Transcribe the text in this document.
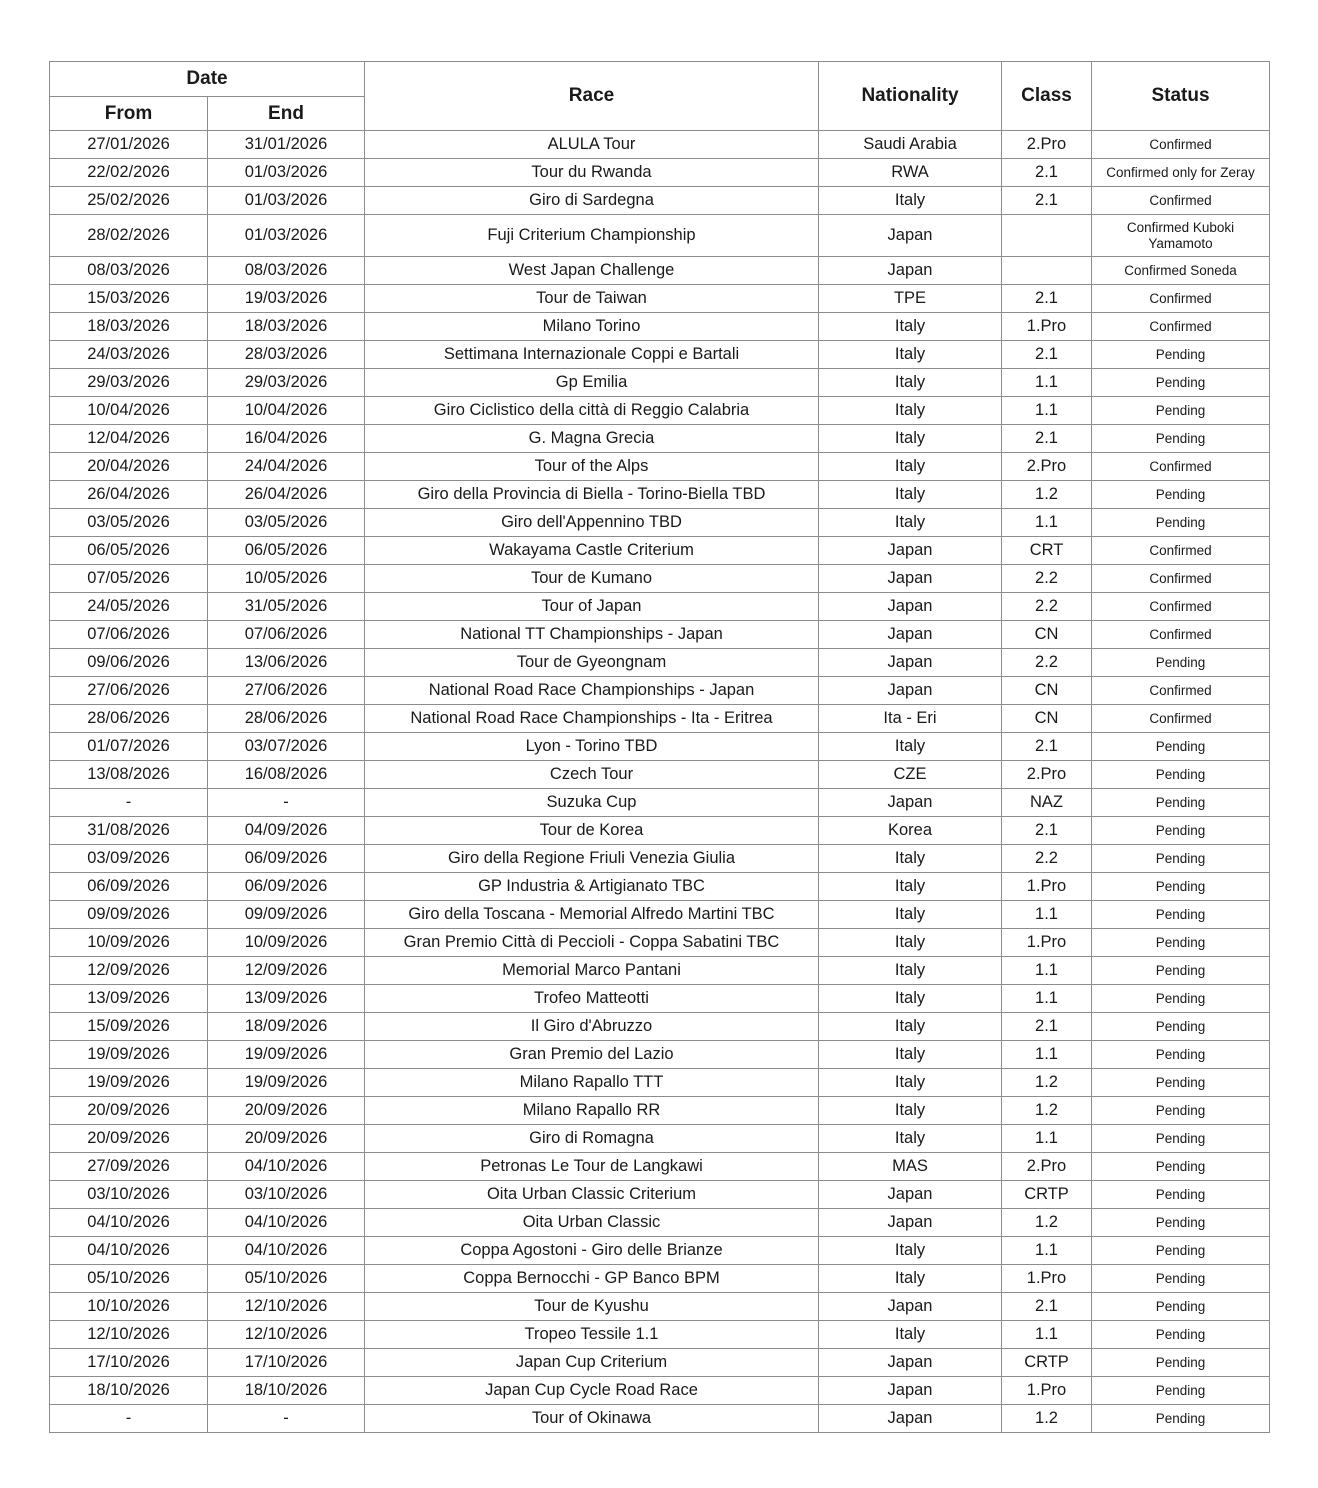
Date		Race	Nationality	Class	Status
From	End				
27/01/2026	31/01/2026	ALULA Tour	Saudi Arabia	2.Pro	Confirmed
22/02/2026	01/03/2026	Tour du Rwanda	RWA	2.1	Confirmed only for Zeray
25/02/2026	01/03/2026	Giro di Sardegna	Italy	2.1	Confirmed
28/02/2026	01/03/2026	Fuji Criterium Championship	Japan		Confirmed Kuboki Yamamoto
08/03/2026	08/03/2026	West Japan Challenge	Japan		Confirmed Soneda
15/03/2026	19/03/2026	Tour de Taiwan	TPE	2.1	Confirmed
18/03/2026	18/03/2026	Milano Torino	Italy	1.Pro	Confirmed
24/03/2026	28/03/2026	Settimana Internazionale Coppi e Bartali	Italy	2.1	Pending
29/03/2026	29/03/2026	Gp Emilia	Italy	1.1	Pending
10/04/2026	10/04/2026	Giro Ciclistico della città di Reggio Calabria	Italy	1.1	Pending
12/04/2026	16/04/2026	G. Magna Grecia	Italy	2.1	Pending
20/04/2026	24/04/2026	Tour of the Alps	Italy	2.Pro	Confirmed
26/04/2026	26/04/2026	Giro della Provincia di Biella - Torino-Biella TBD	Italy	1.2	Pending
03/05/2026	03/05/2026	Giro dell'Appennino TBD	Italy	1.1	Pending
06/05/2026	06/05/2026	Wakayama Castle Criterium	Japan	CRT	Confirmed
07/05/2026	10/05/2026	Tour de Kumano	Japan	2.2	Confirmed
24/05/2026	31/05/2026	Tour of Japan	Japan	2.2	Confirmed
07/06/2026	07/06/2026	National TT Championships - Japan	Japan	CN	Confirmed
09/06/2026	13/06/2026	Tour de Gyeongnam	Japan	2.2	Pending
27/06/2026	27/06/2026	National Road Race Championships - Japan	Japan	CN	Confirmed
28/06/2026	28/06/2026	National Road Race Championships - Ita - Eritrea	Ita - Eri	CN	Confirmed
01/07/2026	03/07/2026	Lyon - Torino TBD	Italy	2.1	Pending
13/08/2026	16/08/2026	Czech Tour	CZE	2.Pro	Pending
-	-	Suzuka Cup	Japan	NAZ	Pending
31/08/2026	04/09/2026	Tour de Korea	Korea	2.1	Pending
03/09/2026	06/09/2026	Giro della Regione Friuli Venezia Giulia	Italy	2.2	Pending
06/09/2026	06/09/2026	GP Industria & Artigianato TBC	Italy	1.Pro	Pending
09/09/2026	09/09/2026	Giro della Toscana - Memorial Alfredo Martini TBC	Italy	1.1	Pending
10/09/2026	10/09/2026	Gran Premio Città di Peccioli - Coppa Sabatini TBC	Italy	1.Pro	Pending
12/09/2026	12/09/2026	Memorial Marco Pantani	Italy	1.1	Pending
13/09/2026	13/09/2026	Trofeo Matteotti	Italy	1.1	Pending
15/09/2026	18/09/2026	Il Giro d'Abruzzo	Italy	2.1	Pending
19/09/2026	19/09/2026	Gran Premio del Lazio	Italy	1.1	Pending
19/09/2026	19/09/2026	Milano Rapallo TTT	Italy	1.2	Pending
20/09/2026	20/09/2026	Milano Rapallo RR	Italy	1.2	Pending
20/09/2026	20/09/2026	Giro di Romagna	Italy	1.1	Pending
27/09/2026	04/10/2026	Petronas Le Tour de Langkawi	MAS	2.Pro	Pending
03/10/2026	03/10/2026	Oita Urban Classic Criterium	Japan	CRTP	Pending
04/10/2026	04/10/2026	Oita Urban Classic	Japan	1.2	Pending
04/10/2026	04/10/2026	Coppa Agostoni - Giro delle Brianze	Italy	1.1	Pending
05/10/2026	05/10/2026	Coppa Bernocchi - GP Banco BPM	Italy	1.Pro	Pending
10/10/2026	12/10/2026	Tour de Kyushu	Japan	2.1	Pending
12/10/2026	12/10/2026	Tropeo Tessile 1.1	Italy	1.1	Pending
17/10/2026	17/10/2026	Japan Cup Criterium	Japan	CRTP	Pending
18/10/2026	18/10/2026	Japan Cup Cycle Road Race	Japan	1.Pro	Pending
-	-	Tour of Okinawa	Japan	1.2	Pending
